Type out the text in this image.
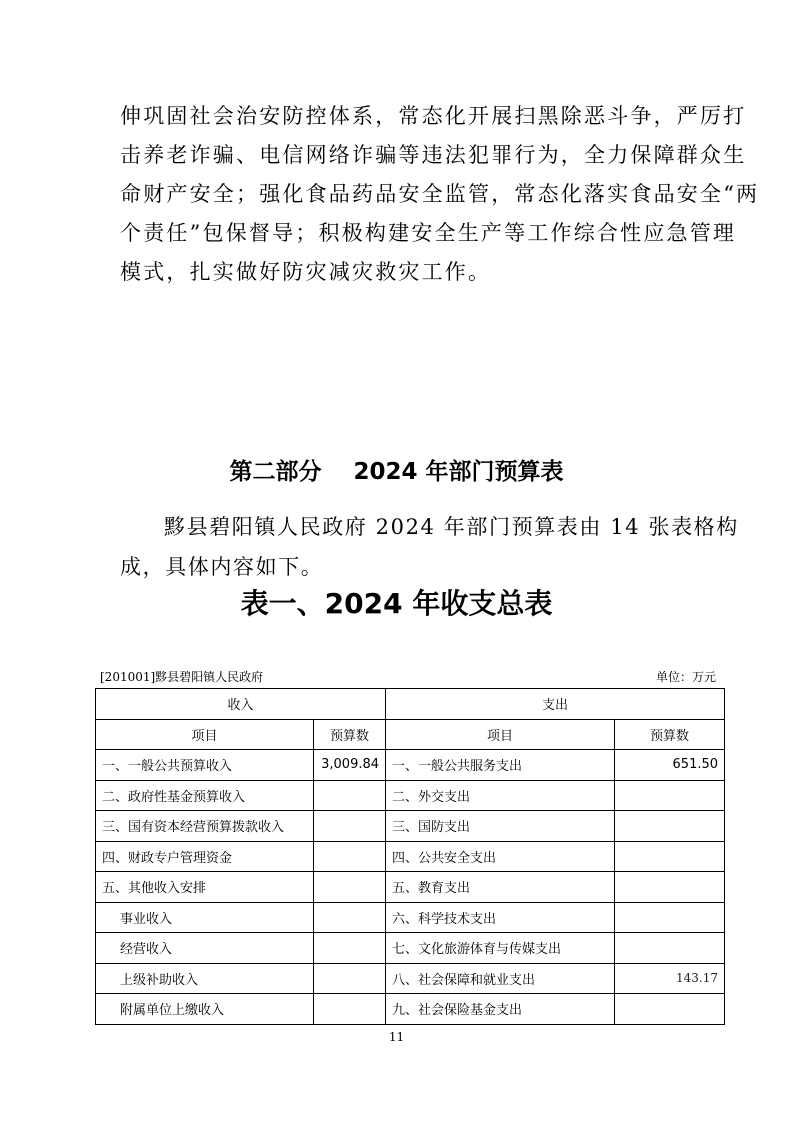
伸巩固社会治安防控体系，常态化开展扫黑除恶斗争，严厉打
击养老诈骗、电信网络诈骗等违法犯罪行为，全力保障群众生
命财产安全；强化食品药品安全监管，常态化落实食品安全“两
个责任”包保督导；积极构建安全生产等工作综合性应急管理
模式，扎实做好防灾减灾救灾工作。
第二部分    2024 年部门预算表
黟县碧阳镇人民政府 2024 年部门预算表由 14 张表格构
成，具体内容如下。
表一、2024 年收支总表
[201001]黟县碧阳镇人民政府	单位：万元
收入		支出	
项目	预算数	项目	预算数
一、一般公共预算收入	3,009.84	一、一般公共服务支出	651.50
二、政府性基金预算收入		二、外交支出	
三、国有资本经营预算拨款收入		三、国防支出	
四、财政专户管理资金		四、公共安全支出	
五、其他收入安排		五、教育支出	
事业收入		六、科学技术支出	
经营收入		七、文化旅游体育与传媒支出	
上级补助收入		八、社会保障和就业支出	143.17
附属单位上缴收入		九、社会保险基金支出	
11
